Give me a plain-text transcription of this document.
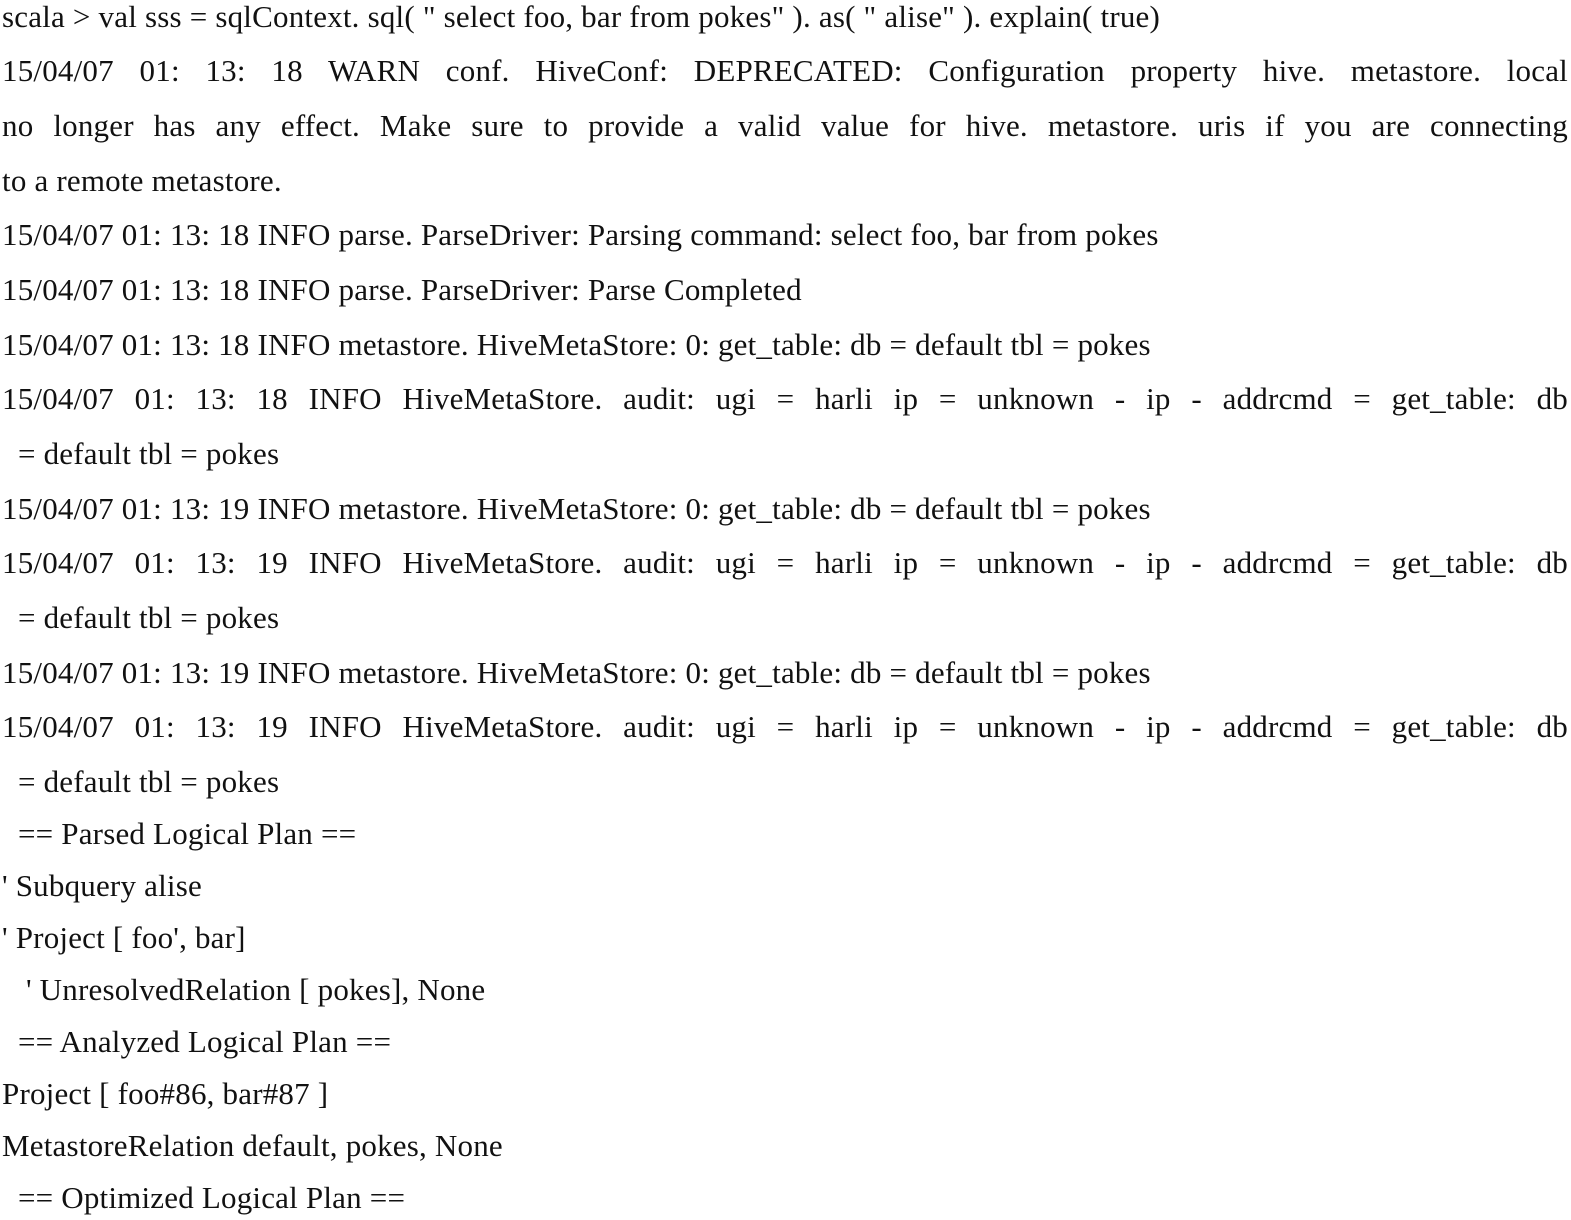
scala > val sss = sqlContext. sql( " select foo, bar from pokes" ). as( " alise" ). explain( true)
15/04/07 01: 13: 18 WARN conf. HiveConf: DEPRECATED: Configuration property hive. metastore. local
no longer has any effect. Make sure to provide a valid value for hive. metastore. uris if you are connecting
to a remote metastore.
15/04/07 01: 13: 18 INFO parse. ParseDriver: Parsing command: select foo, bar from pokes
15/04/07 01: 13: 18 INFO parse. ParseDriver: Parse Completed
15/04/07 01: 13: 18 INFO metastore. HiveMetaStore: 0: get_table: db = default tbl = pokes
15/04/07 01: 13: 18 INFO HiveMetaStore. audit: ugi = harli ip = unknown - ip - addrcmd = get_table: db
= default tbl = pokes
15/04/07 01: 13: 19 INFO metastore. HiveMetaStore: 0: get_table: db = default tbl = pokes
15/04/07 01: 13: 19 INFO HiveMetaStore. audit: ugi = harli ip = unknown - ip - addrcmd = get_table: db
= default tbl = pokes
15/04/07 01: 13: 19 INFO metastore. HiveMetaStore: 0: get_table: db = default tbl = pokes
15/04/07 01: 13: 19 INFO HiveMetaStore. audit: ugi = harli ip = unknown - ip - addrcmd = get_table: db
= default tbl = pokes
== Parsed Logical Plan ==
' Subquery alise
' Project [ foo', bar]
' UnresolvedRelation [ pokes], None
== Analyzed Logical Plan ==
Project [ foo#86, bar#87 ]
MetastoreRelation default, pokes, None
== Optimized Logical Plan ==
